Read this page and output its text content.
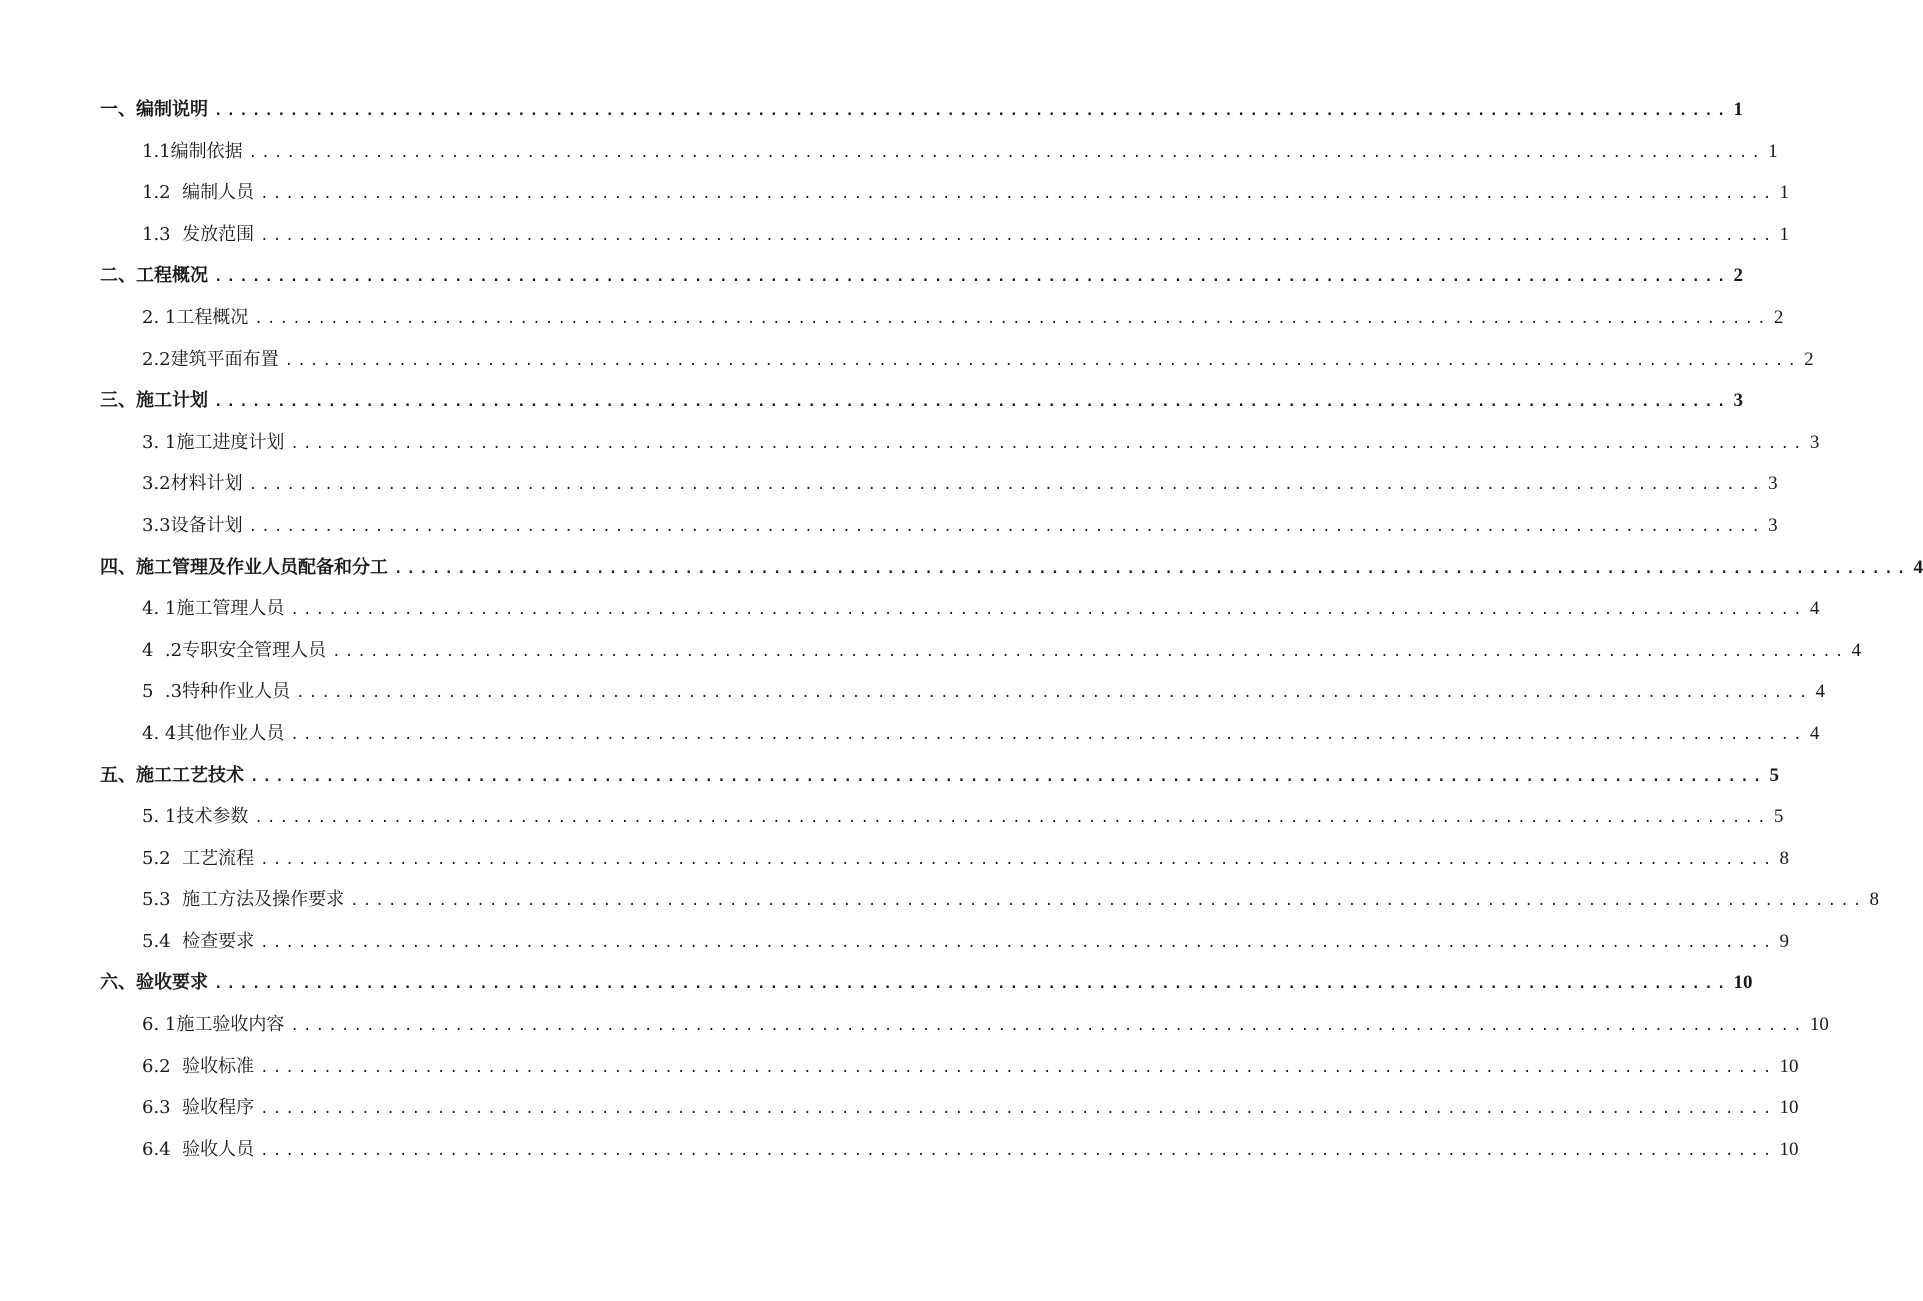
一、编制说明 ........................................................................................................................ 1
1.1编制依据 ........................................................................................................................ 1
1.2  编制人员 ........................................................................................................................ 1
1.3  发放范围 ........................................................................................................................ 1
二、工程概况 ........................................................................................................................ 2
2. 1工程概况 ........................................................................................................................ 2
2.2建筑平面布置 ........................................................................................................................ 2
三、施工计划 ........................................................................................................................ 3
3. 1施工进度计划 ........................................................................................................................ 3
3.2材料计划 ........................................................................................................................ 3
3.3设备计划 ........................................................................................................................ 3
四、施工管理及作业人员配备和分工 ........................................................................................................................ 4
4. 1施工管理人员 ........................................................................................................................ 4
4  .2专职安全管理人员 ........................................................................................................................ 4
5  .3特种作业人员 ........................................................................................................................ 4
4. 4其他作业人员 ........................................................................................................................ 4
五、施工工艺技术 ........................................................................................................................ 5
5. 1技术参数 ........................................................................................................................ 5
5.2  工艺流程 ........................................................................................................................ 8
5.3  施工方法及操作要求 ........................................................................................................................ 8
5.4  检查要求 ........................................................................................................................ 9
六、验收要求 ........................................................................................................................ 10
6. 1施工验收内容 ........................................................................................................................ 10
6.2  验收标准 ........................................................................................................................ 10
6.3  验收程序 ........................................................................................................................ 10
6.4  验收人员 ........................................................................................................................ 10
